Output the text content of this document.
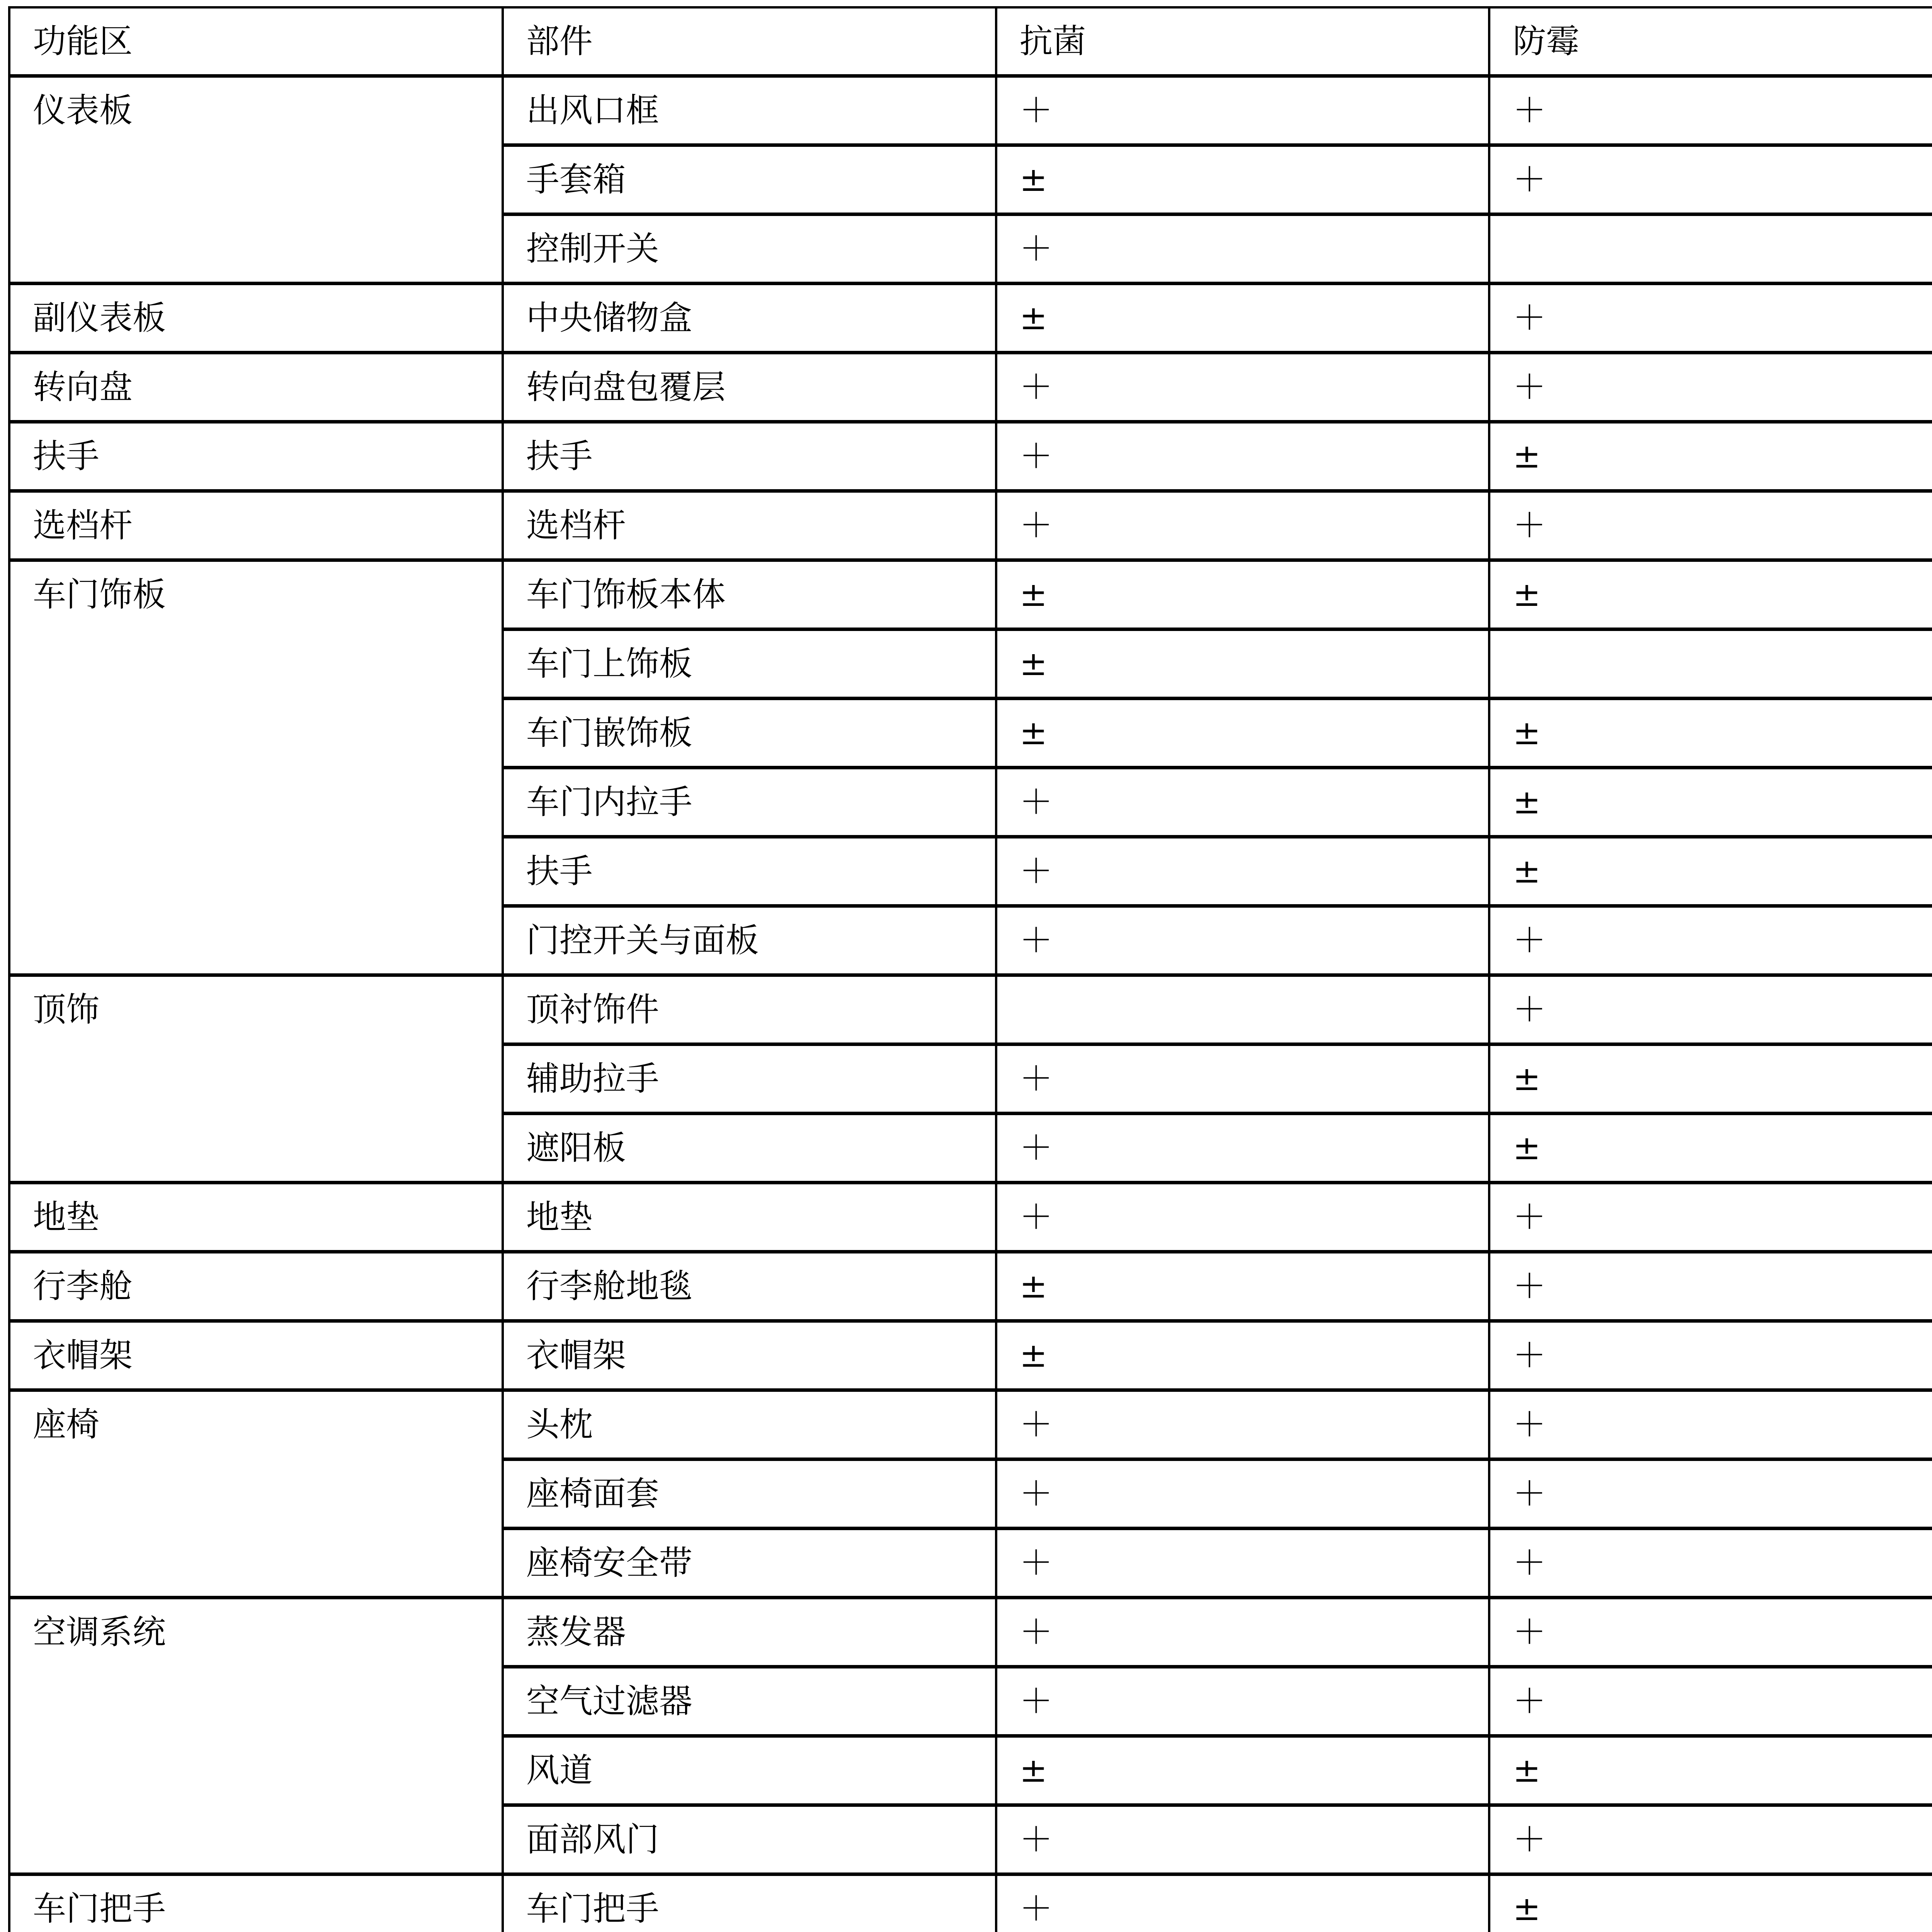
功能区	部件	抗菌	防霉
仪表板	出风口框	＋	＋
	手套箱	±	＋
	控制开关	＋	
副仪表板	中央储物盒	±	＋
转向盘	转向盘包覆层	＋	＋
扶手	扶手	＋	±
选档杆	选档杆	＋	＋
车门饰板	车门饰板本体	±	±
	车门上饰板	±	
	车门嵌饰板	±	±
	车门内拉手	＋	±
	扶手	＋	±
	门控开关与面板	＋	＋
顶饰	顶衬饰件		＋
	辅助拉手	＋	±
	遮阳板	＋	±
地垫	地垫	＋	＋
行李舱	行李舱地毯	±	＋
衣帽架	衣帽架	±	＋
座椅	头枕	＋	＋
	座椅面套	＋	＋
	座椅安全带	＋	＋
空调系统	蒸发器	＋	＋
	空气过滤器	＋	＋
	风道	±	±
	面部风门	＋	＋
车门把手	车门把手	＋	±
